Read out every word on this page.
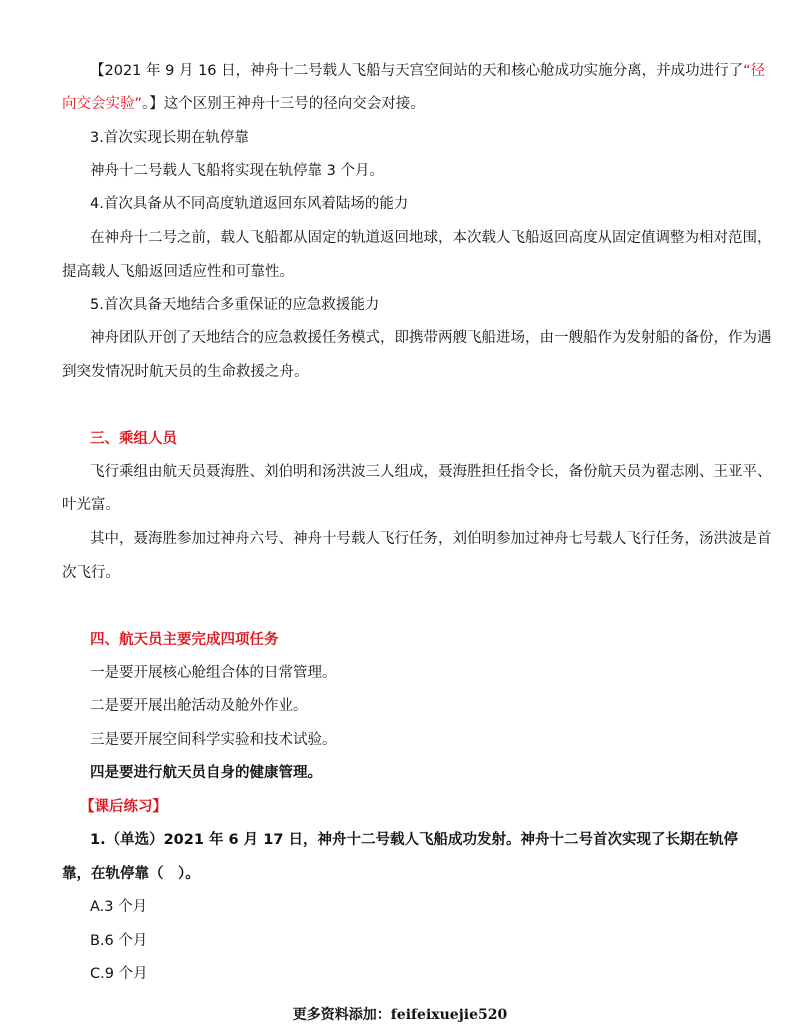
【2021 年 9 月 16 日，神舟十二号载人飞船与天宫空间站的天和核心舱成功实施分离，并成功进行了“径
向交会实验”。】这个区别王神舟十三号的径向交会对接。
3.首次实现长期在轨停靠
神舟十二号载人飞船将实现在轨停靠 3 个月。
4.首次具备从不同高度轨道返回东风着陆场的能力
在神舟十二号之前，载人飞船都从固定的轨道返回地球，本次载人飞船返回高度从固定值调整为相对范围，
提高载人飞船返回适应性和可靠性。
5.首次具备天地结合多重保证的应急救援能力
神舟团队开创了天地结合的应急救援任务模式，即携带两艘飞船进场，由一艘船作为发射船的备份，作为遇
到突发情况时航天员的生命救援之舟。
三、乘组人员
飞行乘组由航天员聂海胜、刘伯明和汤洪波三人组成，聂海胜担任指令长，备份航天员为翟志刚、王亚平、
叶光富。
其中，聂海胜参加过神舟六号、神舟十号载人飞行任务，刘伯明参加过神舟七号载人飞行任务，汤洪波是首
次飞行。
四、航天员主要完成四项任务
一是要开展核心舱组合体的日常管理。
二是要开展出舱活动及舱外作业。
三是要开展空间科学实验和技术试验。
四是要进行航天员自身的健康管理。
【课后练习】
1.（单选）2021 年 6 月 17 日，神舟十二号载人飞船成功发射。神舟十二号首次实现了长期在轨停
靠，在轨停靠（　）。
A.3 个月
B.6 个月
C.9 个月
更多资料添加：feifeixuejie520
